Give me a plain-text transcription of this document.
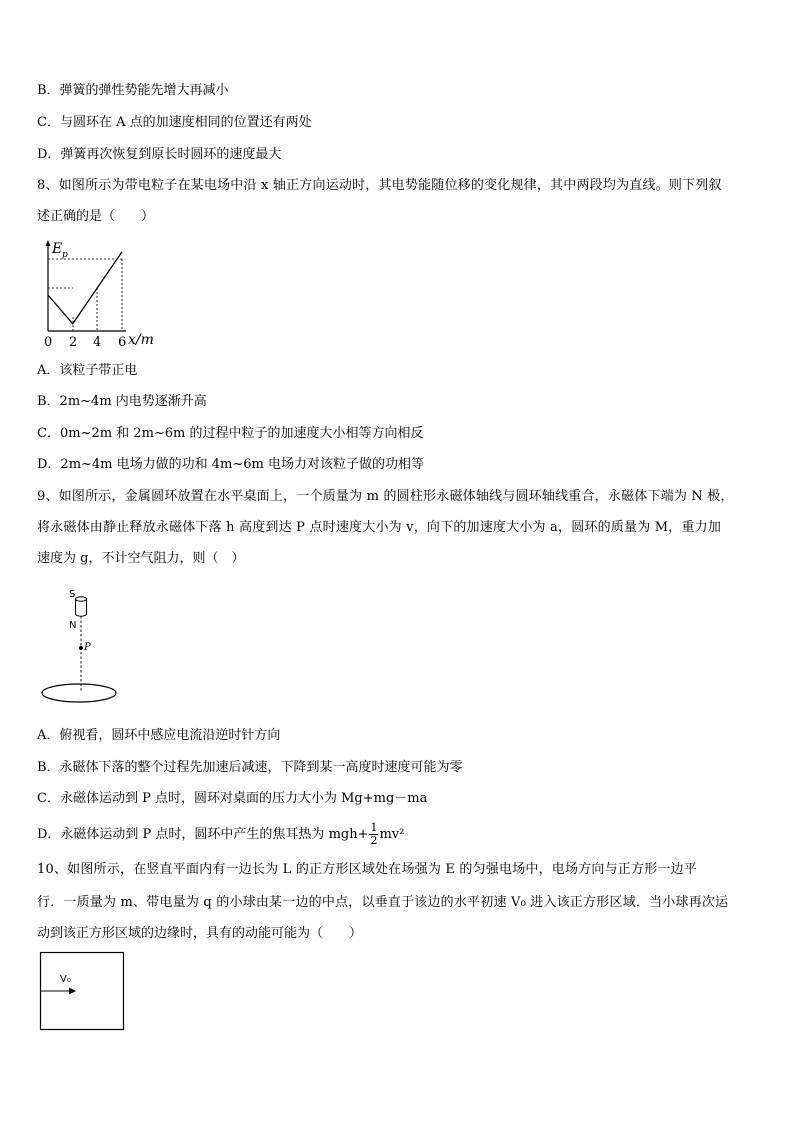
B．弹簧的弹性势能先增大再减小
C．与圆环在 A 点的加速度相同的位置还有两处
D．弹簧再次恢复到原长时圆环的速度最大
8、如图所示为带电粒子在某电场中沿 x 轴正方向运动时，其电势能随位移的变化规律，其中两段均为直线。则下列叙
述正确的是（　　）
E p
0 2 4 6 x/m
A．该粒子带正电
B．2m~4m 内电势逐渐升高
C．0m~2m 和 2m~6m 的过程中粒子的加速度大小相等方向相反
D．2m~4m 电场力做的功和 4m~6m 电场力对该粒子做的功相等
9、如图所示，金属圆环放置在水平桌面上，一个质量为 m 的圆柱形永磁体轴线与圆环轴线重合，永磁体下端为 N 极，
将永磁体由静止释放永磁体下落 h 高度到达 P 点时速度大小为 v，向下的加速度大小为 a，圆环的质量为 M，重力加
速度为 g，不计空气阻力，则（　）
S
N
P
A．俯视看，圆环中感应电流沿逆时针方向
B．永磁体下落的整个过程先加速后减速，下降到某一高度时速度可能为零
C．永磁体运动到 P 点时，圆环对桌面的压力大小为 Mg+mg－ma
D．永磁体运动到 P 点时，圆环中产生的焦耳热为 $mgh+ \frac{1}{2} mv^2$
10、如图所示，在竖直平面内有一边长为 L 的正方形区域处在场强为 E 的匀强电场中，电场方向与正方形一边平
行．一质量为 m、带电量为 q 的小球由某一边的中点，以垂直于该边的水平初速 V₀ 进入该正方形区域．当小球再次运
动到该正方形区域的边缘时，具有的动能可能为（　　）
V₀
